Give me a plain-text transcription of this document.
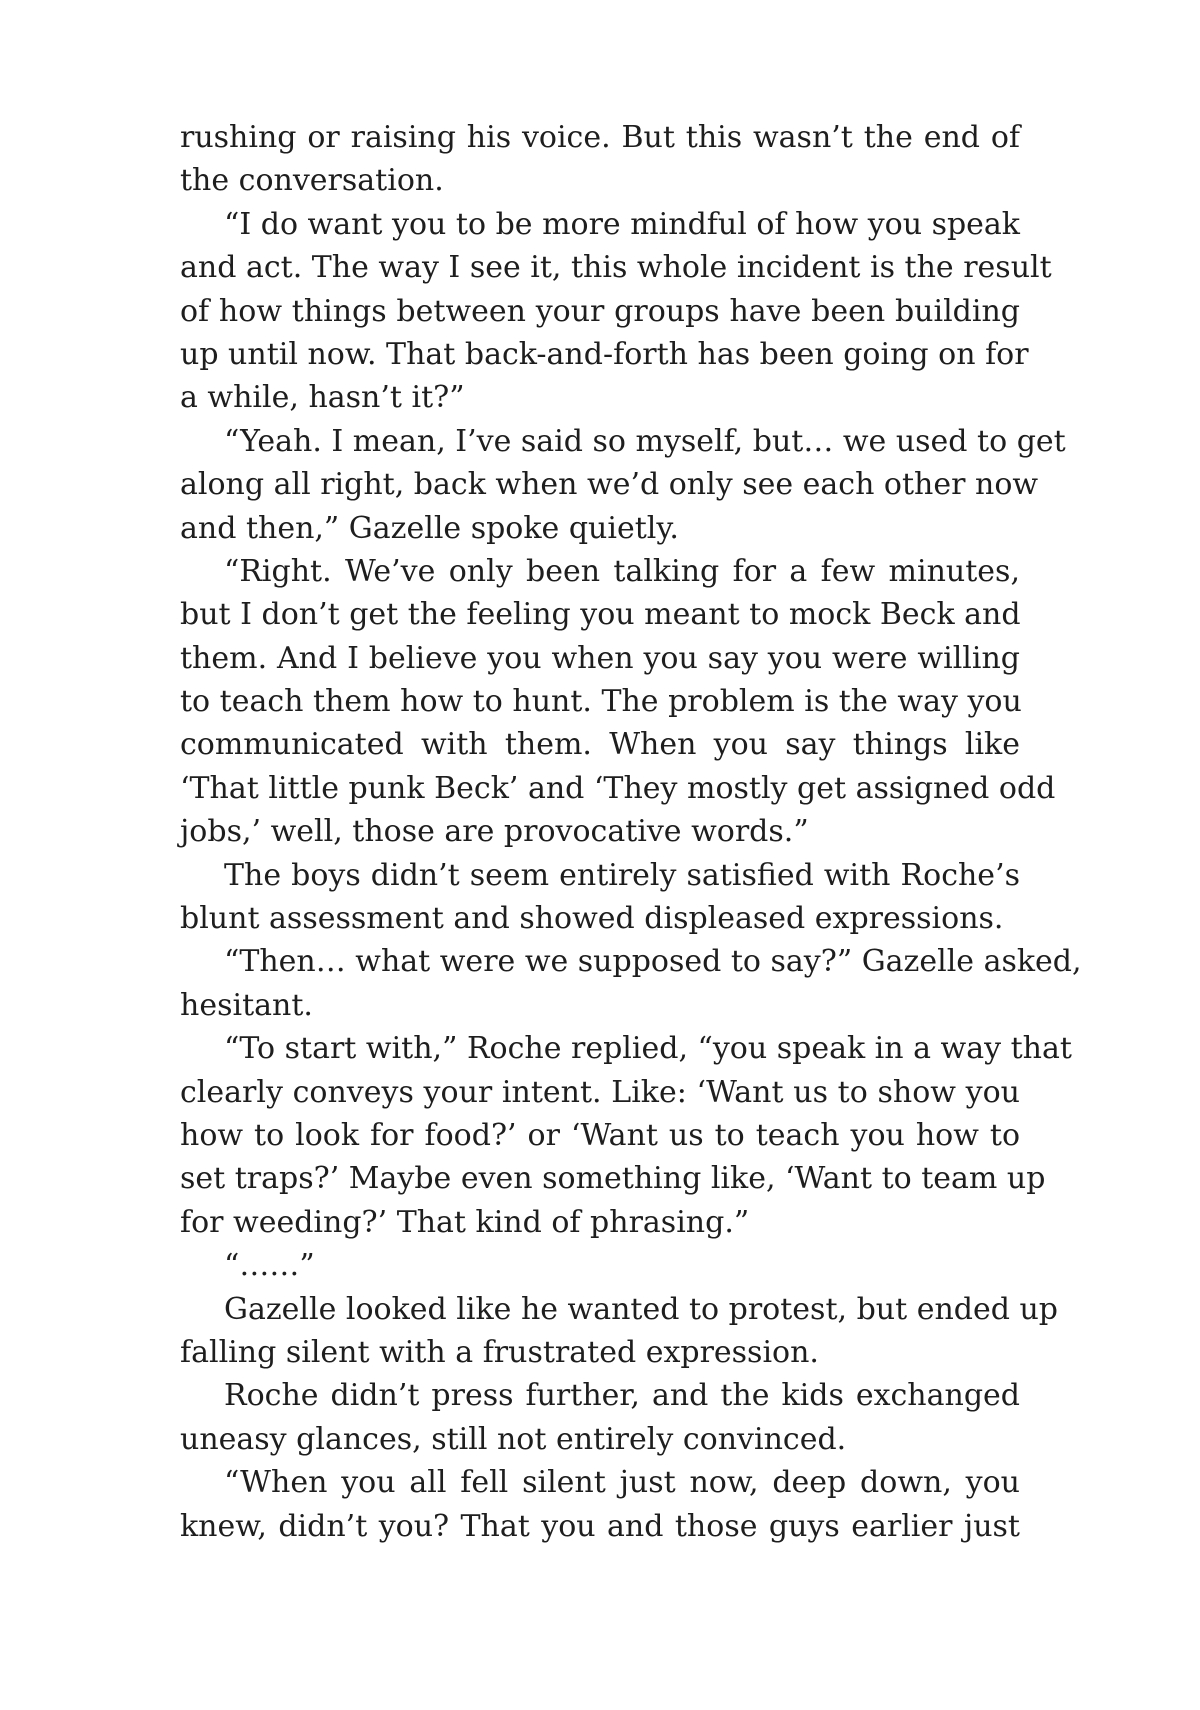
rushing or raising his voice. But this wasn’t the end of
the conversation.
“I do want you to be more mindful of how you speak
and act. The way I see it, this whole incident is the result
of how things between your groups have been building
up until now. That back-and-forth has been going on for
a while, hasn’t it?”
“Yeah. I mean, I’ve said so myself, but… we used to get
along all right, back when we’d only see each other now
and then,” Gazelle spoke quietly.
“Right. We’ve only been talking for a few minutes,
but I don’t get the feeling you meant to mock Beck and
them. And I believe you when you say you were willing
to teach them how to hunt. The problem is the way you
communicated with them. When you say things like
‘That little punk Beck’ and ‘They mostly get assigned odd
jobs,’ well, those are provocative words.”
The boys didn’t seem entirely satisfied with Roche’s
blunt assessment and showed displeased expressions.
“Then… what were we supposed to say?” Gazelle asked,
hesitant.
“To start with,” Roche replied, “you speak in a way that
clearly conveys your intent. Like: ‘Want us to show you
how to look for food?’ or ‘Want us to teach you how to
set traps?’ Maybe even something like, ‘Want to team up
for weeding?’ That kind of phrasing.”
“……”
Gazelle looked like he wanted to protest, but ended up
falling silent with a frustrated expression.
Roche didn’t press further, and the kids exchanged
uneasy glances, still not entirely convinced.
“When you all fell silent just now, deep down, you
knew, didn’t you? That you and those guys earlier just
